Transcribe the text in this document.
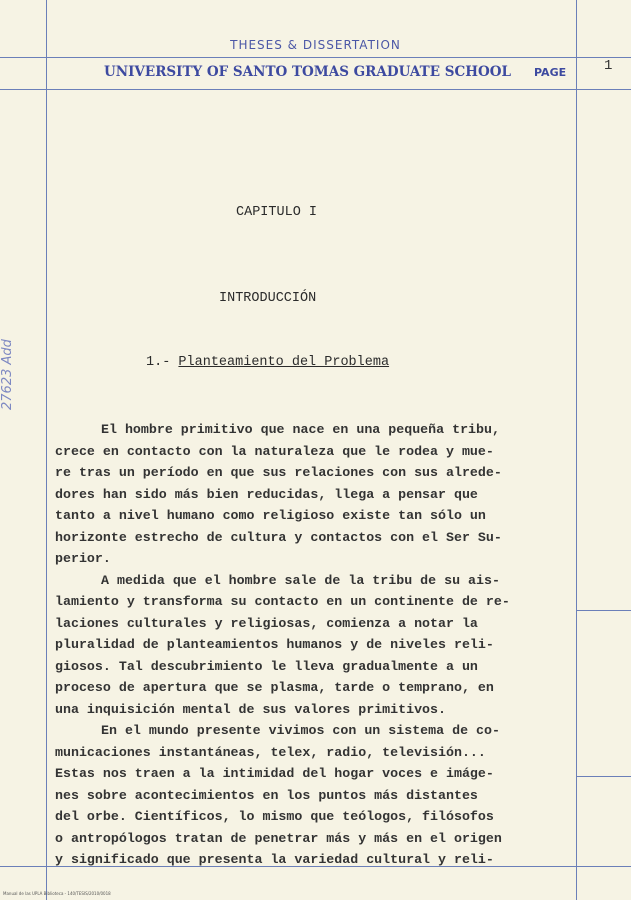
THESES & DISSERTATION
UNIVERSITY OF SANTO TOMAS GRADUATE SCHOOL PAGE	1
27623 Add
CAPITULO I
INTRODUCCIÓN
1.- Planteamiento del Problema
El hombre primitivo que nace en una pequeña tribu,
crece en contacto con la naturaleza que le rodea y mue-
re tras un período en que sus relaciones con sus alrede-
dores han sido más bien reducidas, llega a pensar que
tanto a nivel humano como religioso existe tan sólo un
horizonte estrecho de cultura y contactos con el Ser Su-
perior.
A medida que el hombre sale de la tribu de su ais-
lamiento y transforma su contacto en un continente de re-
laciones culturales y religiosas, comienza a notar la
pluralidad de planteamientos humanos y de niveles reli-
giosos. Tal descubrimiento le lleva gradualmente a un
proceso de apertura que se plasma, tarde o temprano, en
una inquisición mental de sus valores primitivos.
En el mundo presente vivimos con un sistema de co-
municaciones instantáneas, telex, radio, televisión...
Estas nos traen a la intimidad del hogar voces e imáge-
nes sobre acontecimientos en los puntos más distantes
del orbe. Científicos, lo mismo que teólogos, filósofos
o antropólogos tratan de penetrar más y más en el origen
y significado que presenta la variedad cultural y reli-
Manual de las UPLA Biblioteca - 140/TESIS/2010/0018
